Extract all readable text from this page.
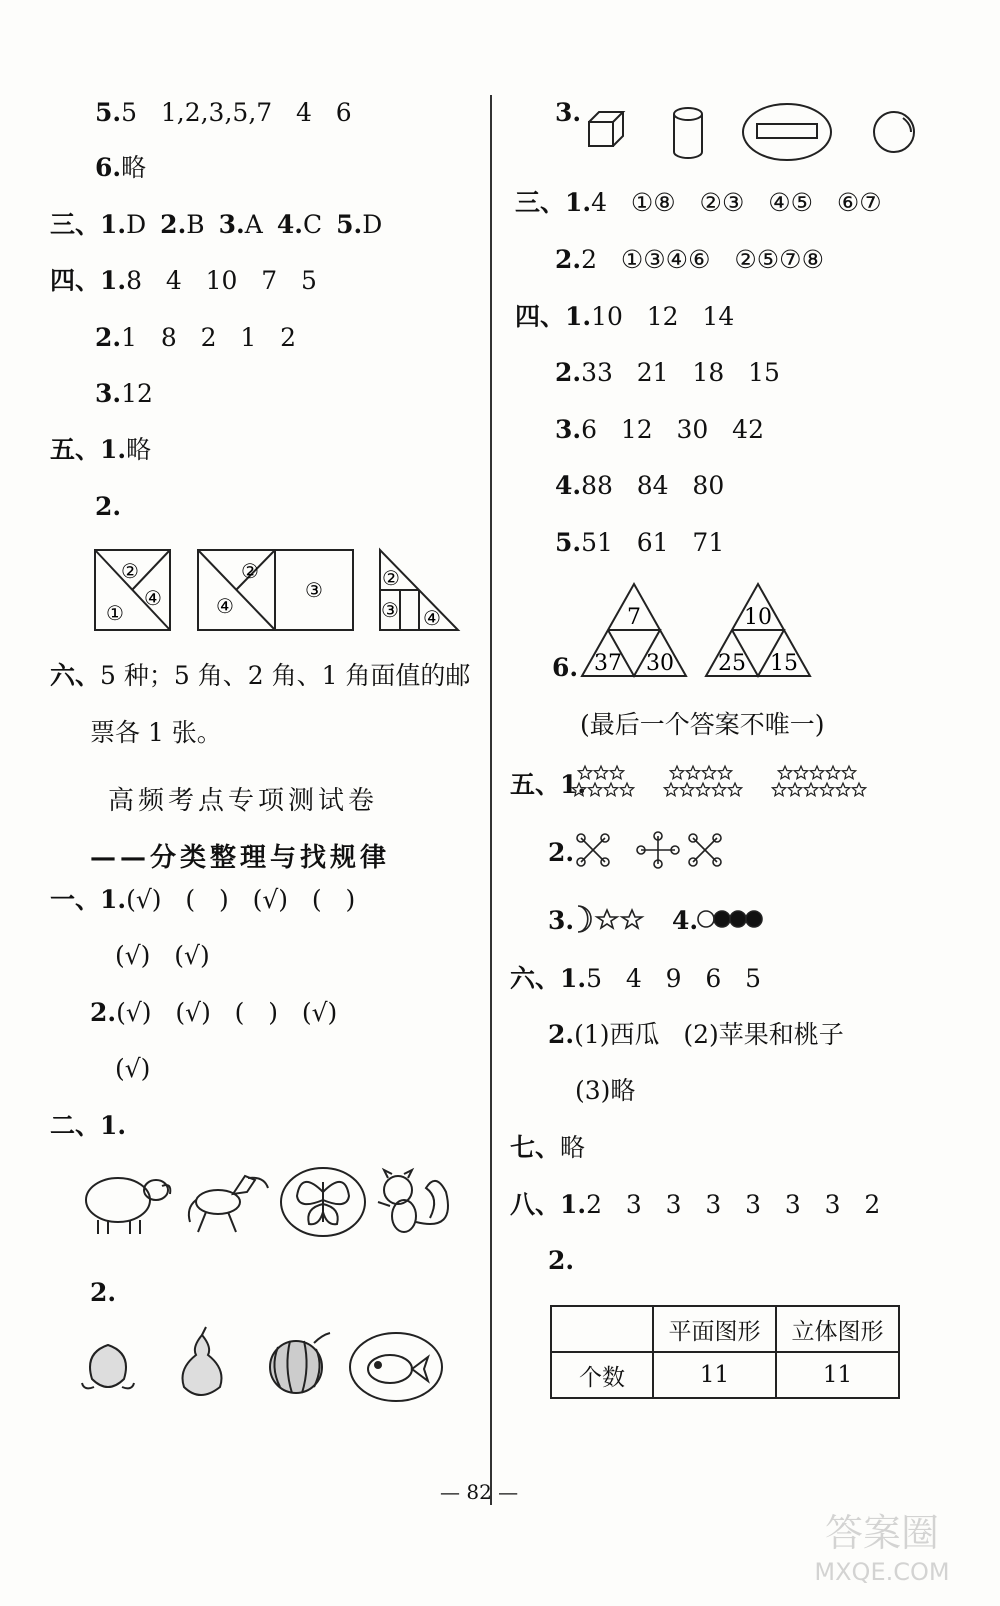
5.5   1,2,3,5,7   4   6
6.略
三、1.D 2.B 3.A 4.C 5.D
四、1.8   4   10   7   5
2.1   8   2   1   2
3.12
五、1.略
2.
②
④
①
②
④
③	②
③ ④
六、5 种；5 角、2 角、1 角面值的邮
票各 1 张。
高频考点专项测试卷
——分类整理与找规律
一、1.(√)   (   )   (√)   (   )
(√)   (√)
2.(√)   (√)   (   )   (√)
(√)
二、1.
2.
3.
三、1.4   ①⑧   ②③   ④⑤   ⑥⑦
2.2   ①③④⑥   ②⑤⑦⑧
四、1.10   12   14
2.33   21   18   15
3.6   12   30   42
4.88   84   80
5.51   61   71
6.
7
37 30
10
25 15
(最后一个答案不唯一)
五、1.
2.
3.	4.
六、1.5   4   9   6   5
2.(1)西瓜   (2)苹果和桃子
(3)略
七、略
八、1.2   3   3   3   3   3   3   2
2.
	平面图形	立体图形
个数	11	11
— 82 —
答案圈
MXQE.COM
